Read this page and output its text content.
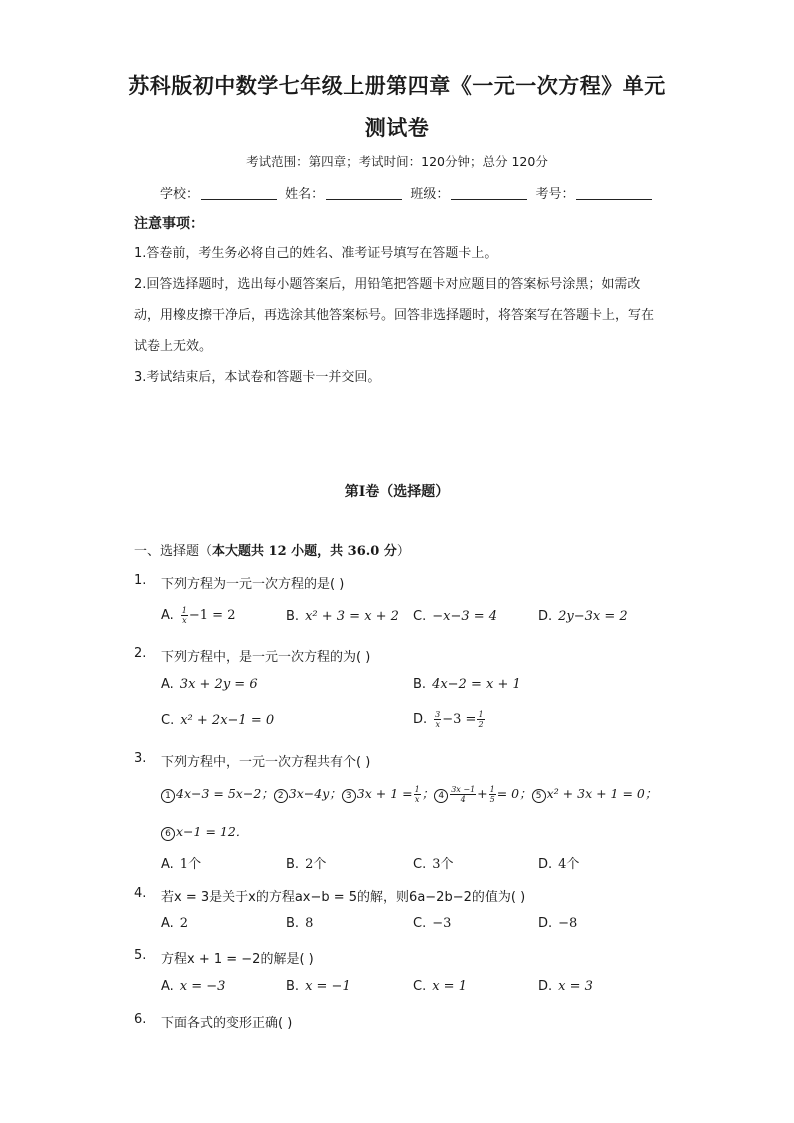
苏科版初中数学七年级上册第四章《一元一次方程》单元
测试卷
考试范围：第四章；考试时间：120分钟；总分 120分
学校：	姓名：	班级：	考号：
注意事项：
1.答卷前，考生务必将自己的姓名、准考证号填写在答题卡上。
2.回答选择题时，选出每小题答案后，用铅笔把答题卡对应题目的答案标号涂黑；如需改动，用橡皮擦干净后，再选涂其他答案标号。回答非选择题时，将答案写在答题卡上，写在试卷上无效。
3.考试结束后，本试卷和答题卡一并交回。
第Ⅰ卷（选择题）
一、选择题（本大题共 12 小题，共 36.0 分）
1. 下列方程为一元一次方程的是( )
A. $\frac{1}{x} -1 = 2$	B. x² + 3 = x + 2 C. −x−3 = 4	D. 2y−3x = 2
2. 下列方程中，是一元一次方程的为( )
A. 3x + 2y = 6	B. 4x−2 = x + 1
C. x² + 2x−1 = 0	D. $\frac{3}{x} -3 = \frac{1}{2}$
3. 下列方程中，一元一次方程共有个( )
1 4x−3 = 5x−2； 2 3x−4y； 3 $3x + 1 = \frac{1}{x}$ ； $4 \frac{3x -1}{4} + \frac{1}{5} = 0$； 5 x² + 3x + 1 = 0；
6 x−1 = 12．
A. 1个	B. 2个	C. 3个	D. 4个
4. 若x = 3是关于x的方程ax−b = 5的解，则6a−2b−2的值为( )
A. 2	B. 8	C. −3	D. −8
5. 方程x + 1 = −2的解是( )
A. x = −3	B. x = −1	C. x = 1	D. x = 3
6. 下面各式的变形正确( )
